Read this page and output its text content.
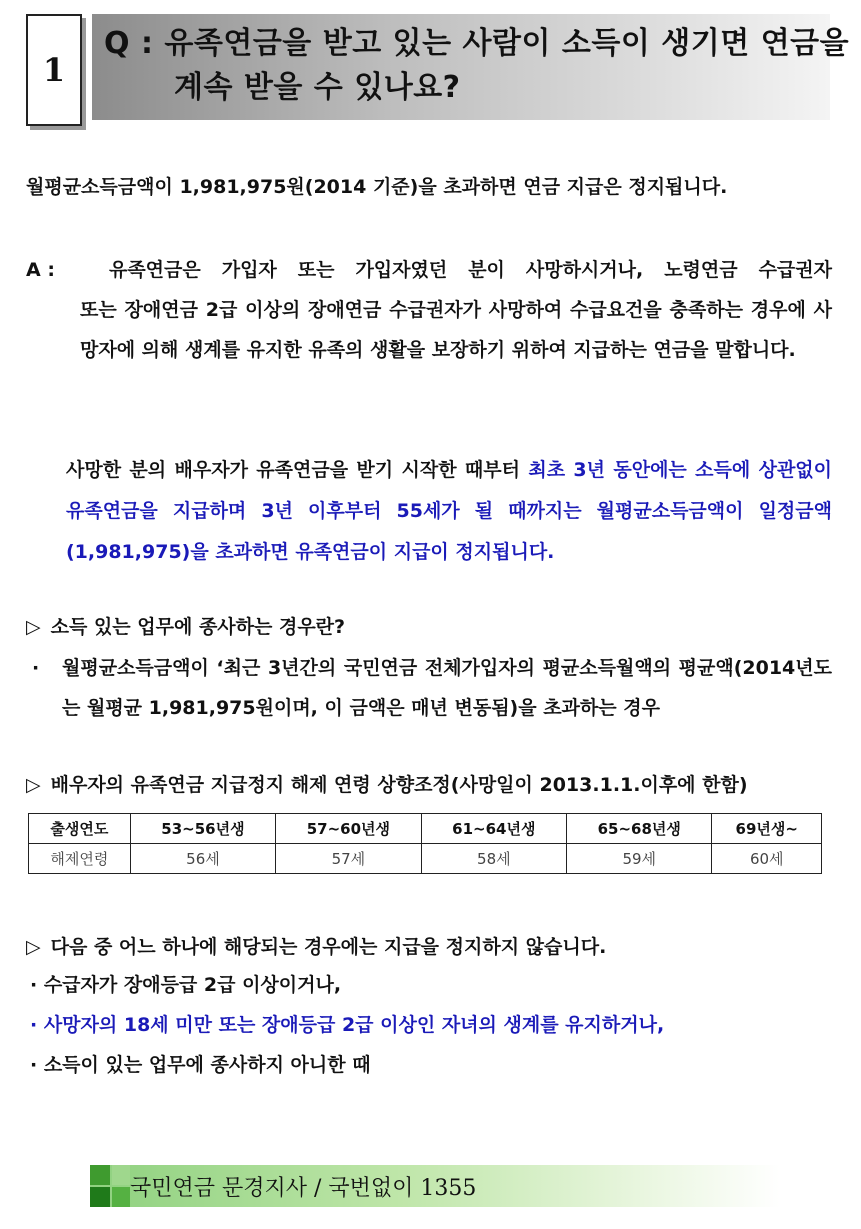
1
Q : 유족연금을 받고 있는 사람이 소득이 생기면 연금을
계속 받을 수 있나요?
월평균소득금액이 1,981,975원(2014 기준)을 초과하면 연금 지급은 정지됩니다.
A :	유족연금은 가입자 또는 가입자였던 분이 사망하시거나, 노령연금 수급권자
또는 장애연금 2급 이상의 장애연금 수급권자가 사망하여 수급요건을 충족하는 경우에 사망자에 의해 생계를 유지한 유족의 생활을 보장하기 위하여 지급하는 연금을 말합니다.
사망한 분의 배우자가 유족연금을 받기 시작한 때부터 최초 3년 동안에는 소득에 상관없이 유족연금을 지급하며 3년 이후부터 55세가 될 때까지는 월평균소득금액이 일정금액(1,981,975)을 초과하면 유족연금이 지급이 정지됩니다.
▷ 소득 있는 업무에 종사하는 경우란?
·	월평균소득금액이 ‘최근 3년간의 국민연금 전체가입자의 평균소득월액의 평균액(2014년도는 월평균 1,981,975원이며, 이 금액은 매년 변동됨)을 초과하는 경우
▷ 배우자의 유족연금 지급정지 해제 연령 상향조정(사망일이 2013.1.1.이후에 한함)
출생연도	53~56년생	57~60년생	61~64년생	65~68년생	69년생~
해제연령	56세	57세	58세	59세	60세
▷ 다음 중 어느 하나에 해당되는 경우에는 지급을 정지하지 않습니다.
· 수급자가 장애등급 2급 이상이거나,
· 사망자의 18세 미만 또는 장애등급 2급 이상인 자녀의 생계를 유지하거나,
· 소득이 있는 업무에 종사하지 아니한 때
국민연금 문경지사 / 국번없이 1355
